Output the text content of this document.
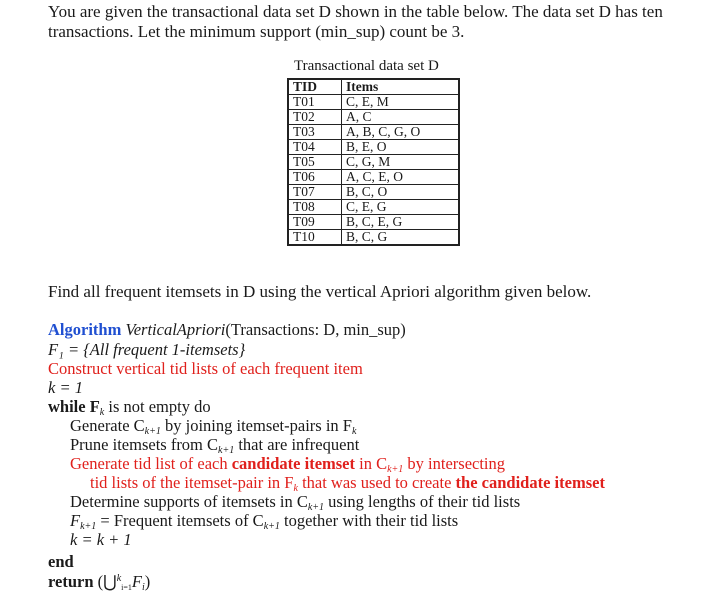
You are given the transactional data set D shown in the table below. The data set D has ten
transactions. Let the minimum support (min_sup) count be 3.
Transactional data set D
TID	Items
T01	C, E, M
T02	A, C
T03	A, B, C, G, O
T04	B, E, O
T05	C, G, M
T06	A, C, E, O
T07	B, C, O
T08	C, E, G
T09	B, C, E, G
T10	B, C, G
Find all frequent itemsets in D using the vertical Apriori algorithm given below.
Algorithm VerticalApriori(Transactions: D, min_sup)
F₁ = {All frequent 1-itemsets}
Construct vertical tid lists of each frequent item
k = 1
while $F_k$ is not empty do
Generate $C_{k+1}$ by joining itemset-pairs in $F_k$
Prune itemsets from $C_{k+1}$ that are infrequent
Generate tid list of each candidate itemset in $C_{k+1}$ by intersecting
tid lists of the itemset-pair in $F_k$ that was used to create the candidate itemset
Determine supports of itemsets in $C_{k+1}$ using lengths of their tid lists
$F_{k+1}$ = Frequent itemsets of $C_{k+1}$ together with their tid lists
k = k + 1
end
return $(⋃^k_{i=1}F_i)$
